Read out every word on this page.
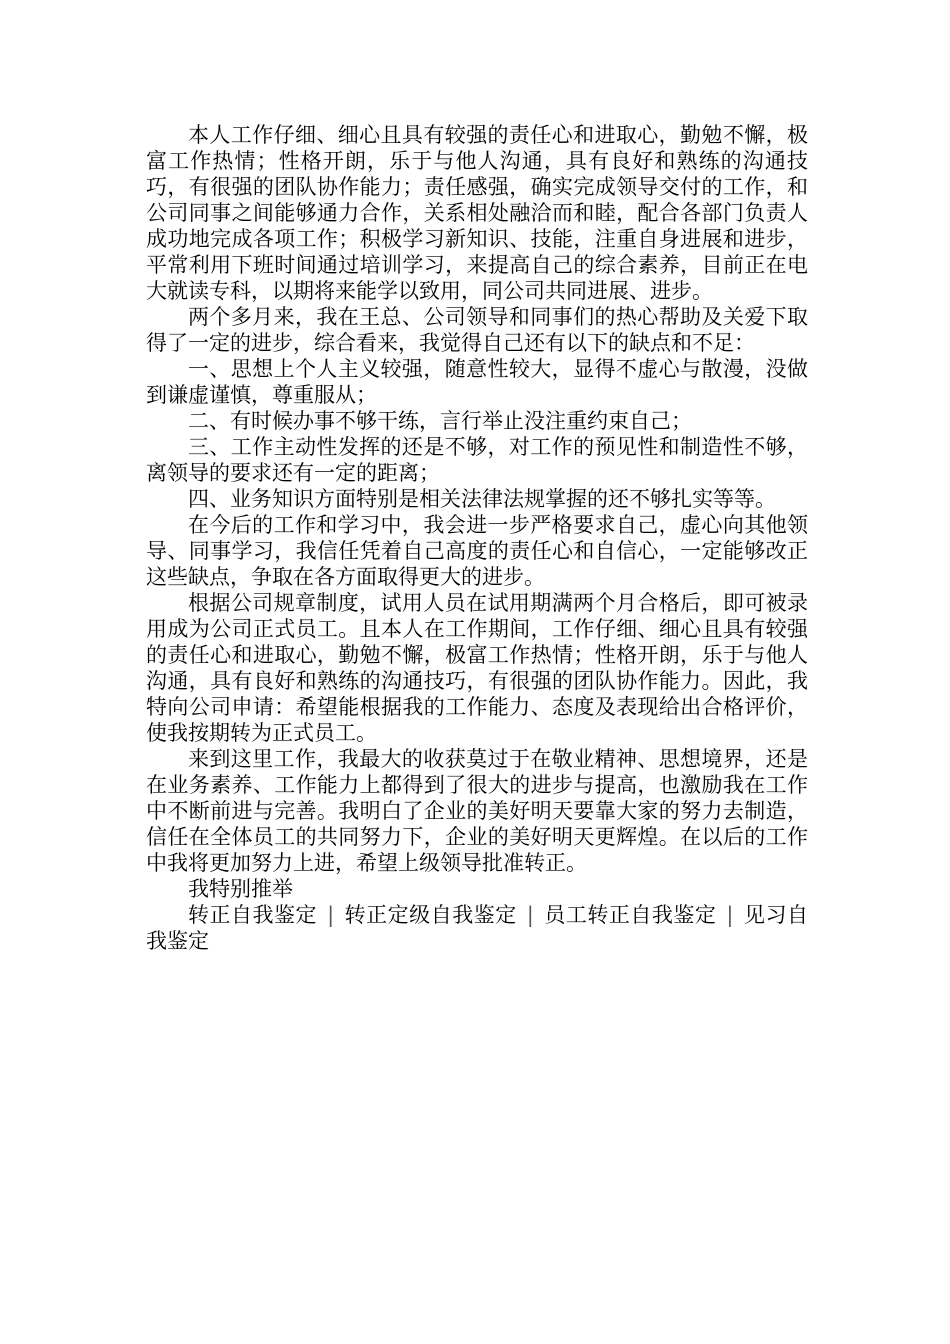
本人工作仔细、细心且具有较强的责任心和进取心，勤勉不懈，极富工作热情；性格开朗，乐于与他人沟通，具有良好和熟练的沟通技巧，有很强的团队协作能力；责任感强，确实完成领导交付的工作，和公司同事之间能够通力合作，关系相处融洽而和睦，配合各部门负责人成功地完成各项工作；积极学习新知识、技能，注重自身进展和进步，平常利用下班时间通过培训学习，来提高自己的综合素养，目前正在电大就读专科，以期将来能学以致用，同公司共同进展、进步。

两个多月来，我在王总、公司领导和同事们的热心帮助及关爱下取得了一定的进步，综合看来，我觉得自己还有以下的缺点和不足：

一、思想上个人主义较强，随意性较大，显得不虚心与散漫，没做到谦虚谨慎，尊重服从；

二、有时候办事不够干练，言行举止没注重约束自己；

三、工作主动性发挥的还是不够，对工作的预见性和制造性不够，离领导的要求还有一定的距离；

四、业务知识方面特别是相关法律法规掌握的还不够扎实等等。

在今后的工作和学习中，我会进一步严格要求自己，虚心向其他领导、同事学习，我信任凭着自己高度的责任心和自信心，一定能够改正这些缺点，争取在各方面取得更大的进步。

根据公司规章制度，试用人员在试用期满两个月合格后，即可被录用成为公司正式员工。且本人在工作期间，工作仔细、细心且具有较强的责任心和进取心，勤勉不懈，极富工作热情；性格开朗，乐于与他人沟通，具有良好和熟练的沟通技巧，有很强的团队协作能力。因此，我特向公司申请：希望能根据我的工作能力、态度及表现给出合格评价，使我按期转为正式员工。

来到这里工作，我最大的收获莫过于在敬业精神、思想境界，还是在业务素养、工作能力上都得到了很大的进步与提高，也激励我在工作中不断前进与完善。我明白了企业的美好明天要靠大家的努力去制造，信任在全体员工的共同努力下，企业的美好明天更辉煌。在以后的工作中我将更加努力上进，希望上级领导批准转正。

我特别推举

转正自我鉴定 | 转正定级自我鉴定 | 员工转正自我鉴定 | 见习自我鉴定
